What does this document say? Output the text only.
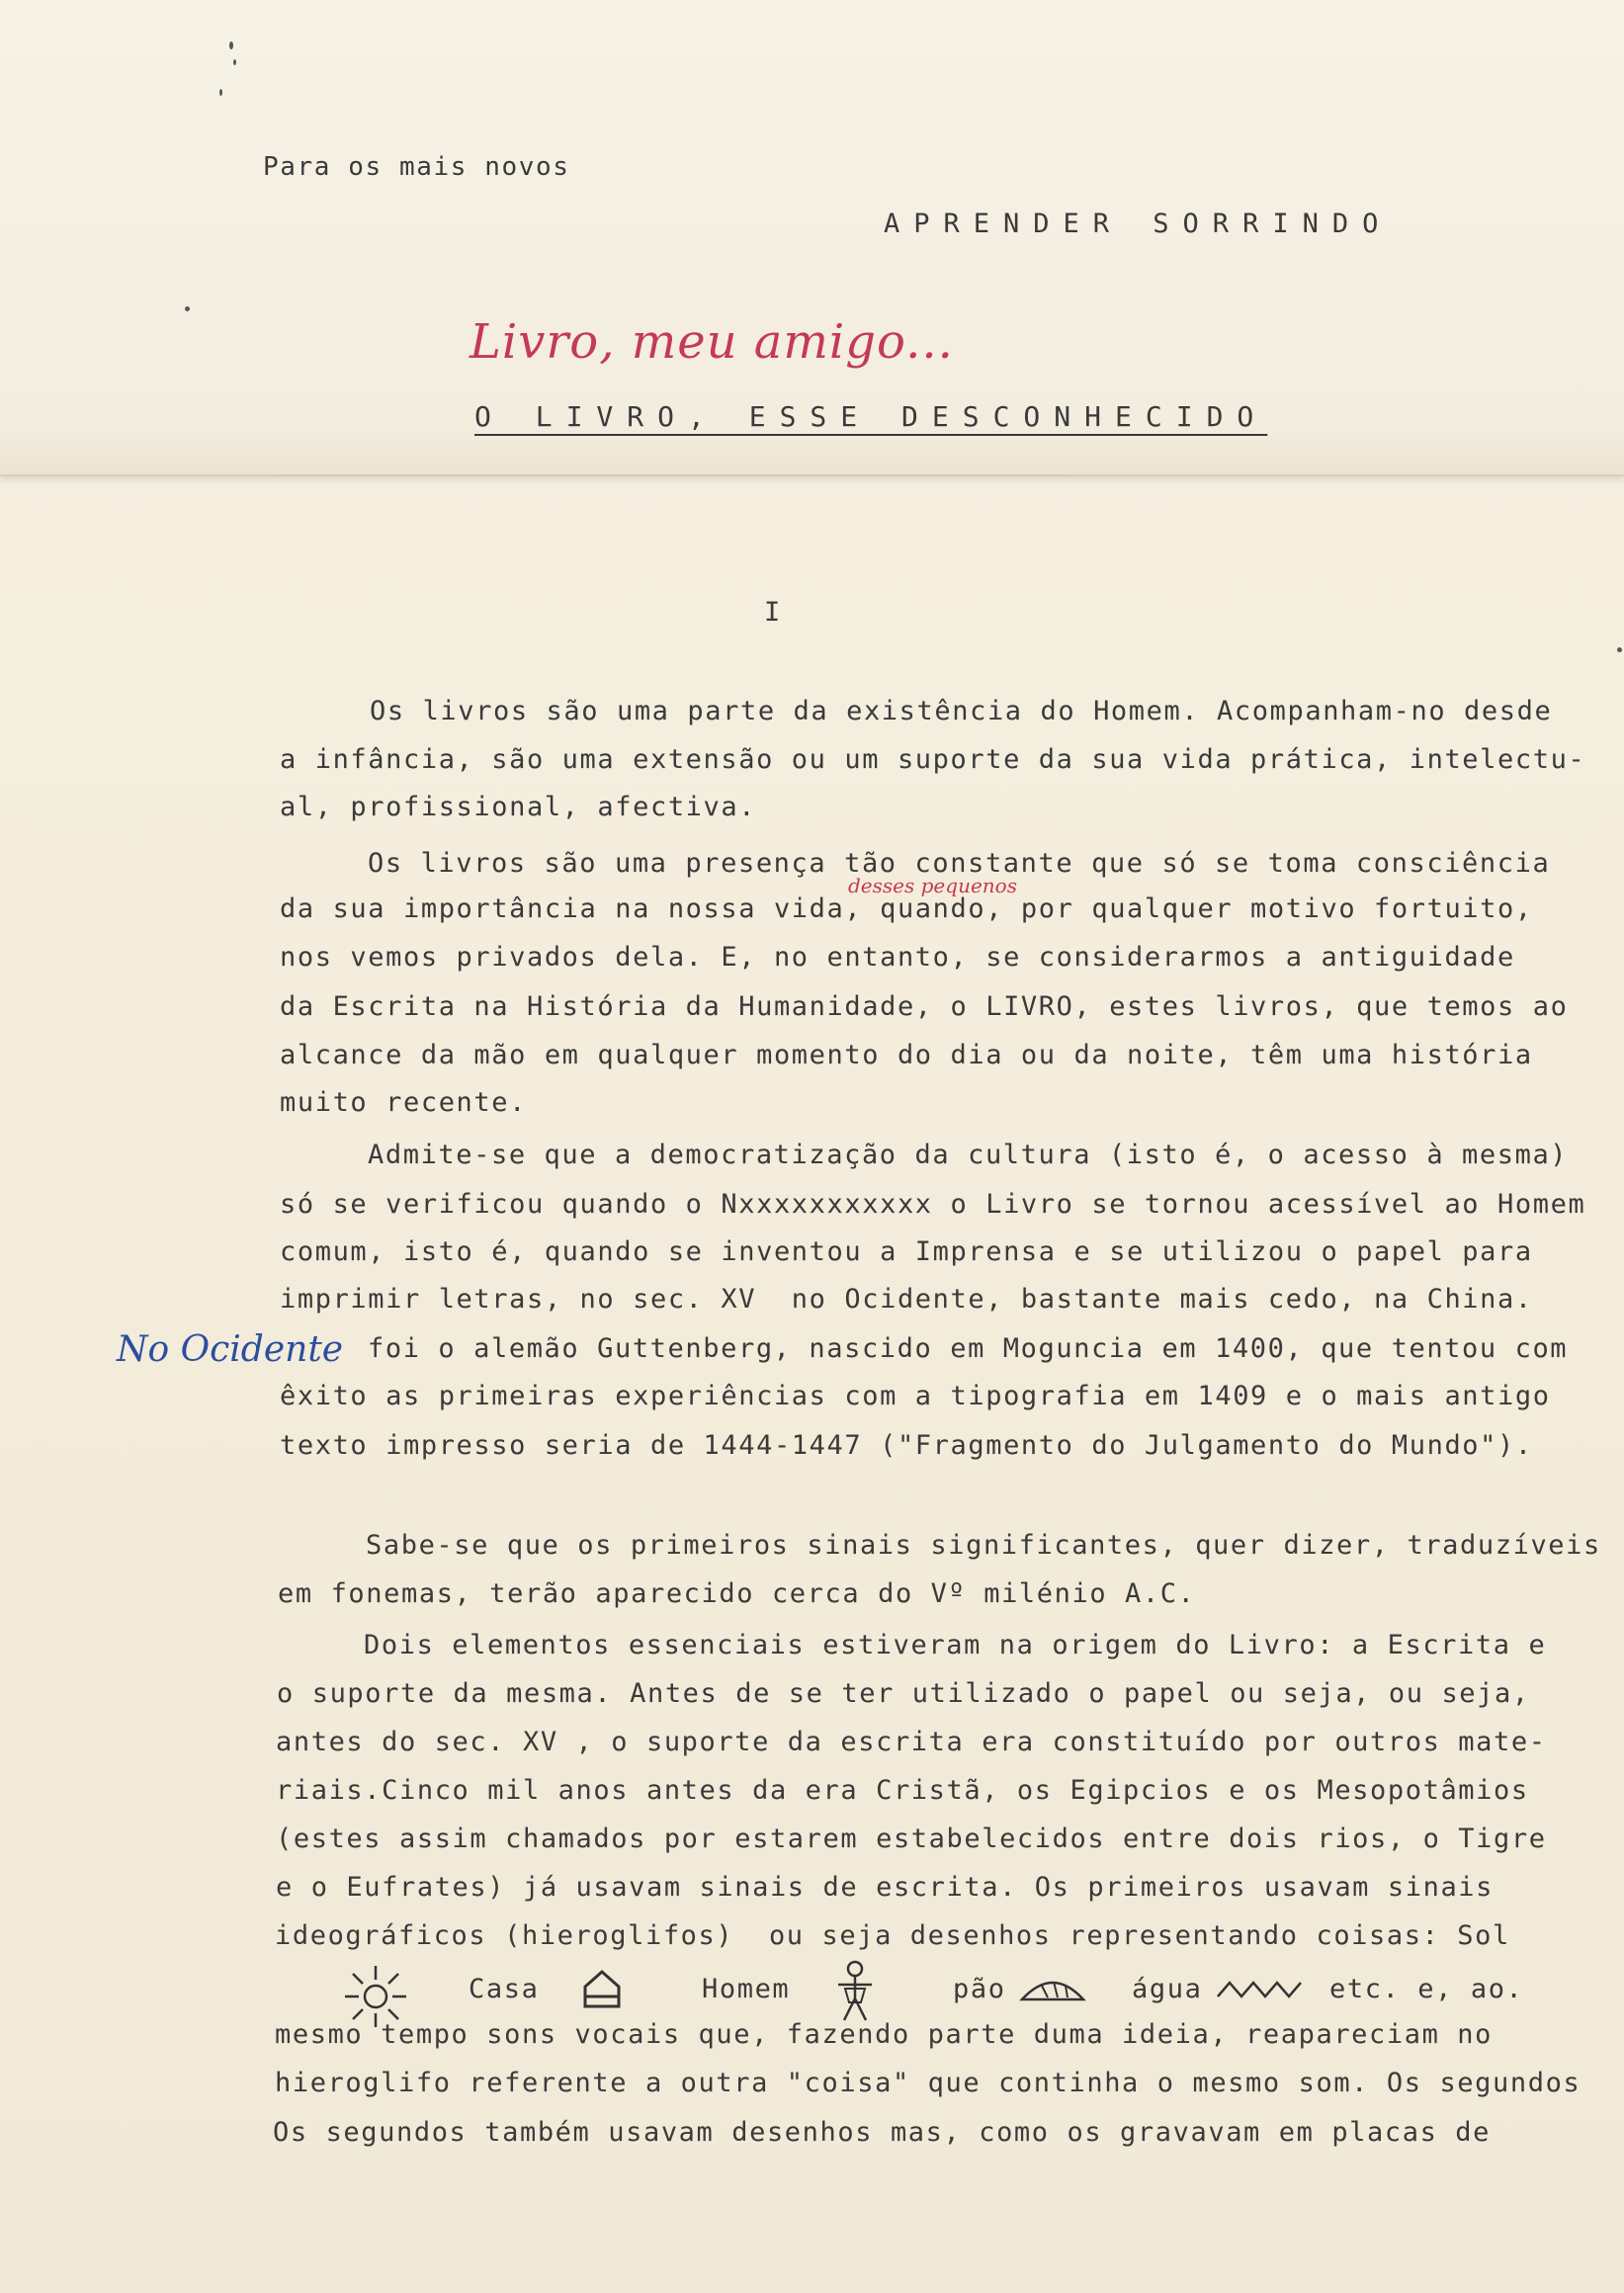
Para os mais novos
APRENDER SORRINDO
Livro, meu amigo...
O LIVRO, ESSE DESCONHECIDO
I
Os livros são uma parte da existência do Homem. Acompanham-no desde
a infância, são uma extensão ou um suporte da sua vida prática, intelectu-
al, profissional, afectiva.
Os livros são uma presença tão constante que só se toma consciência
desses pequenos
da sua importância na nossa vida, quando, por qualquer motivo fortuito,
nos vemos privados dela. E, no entanto, se considerarmos a antiguidade
da Escrita na História da Humanidade, o LIVRO, estes livros, que temos ao
alcance da mão em qualquer momento do dia ou da noite, têm uma história
muito recente.
Admite-se que a democratização da cultura (isto é, o acesso à mesma)
só se verificou quando o Nxxxxxxxxxxx o Livro se tornou acessível ao Homem
comum, isto é, quando se inventou a Imprensa e se utilizou o papel para
imprimir letras, no sec. XV  no Ocidente, bastante mais cedo, na China.
No Ocidente foi o alemão Guttenberg, nascido em Moguncia em 1400, que tentou com
êxito as primeiras experiências com a tipografia em 1409 e o mais antigo
texto impresso seria de 1444-1447 ("Fragmento do Julgamento do Mundo").
Sabe-se que os primeiros sinais significantes, quer dizer, traduzíveis
em fonemas, terão aparecido cerca do Vº milénio A.C.
Dois elementos essenciais estiveram na origem do Livro: a Escrita e
o suporte da mesma. Antes de se ter utilizado o papel ou seja, ou seja,
antes do sec. XV , o suporte da escrita era constituído por outros mate-
riais.Cinco mil anos antes da era Cristã, os Egipcios e os Mesopotâmios
(estes assim chamados por estarem estabelecidos entre dois rios, o Tigre
e o Eufrates) já usavam sinais de escrita. Os primeiros usavam sinais
ideográficos (hieroglifos)  ou seja desenhos representando coisas: Sol
Casa	Homem	pão	água	etc. e, ao.
mesmo tempo sons vocais que, fazendo parte duma ideia, reapareciam no
hieroglifo referente a outra "coisa" que continha o mesmo som. Os segundos
Os segundos também usavam desenhos mas, como os gravavam em placas de
